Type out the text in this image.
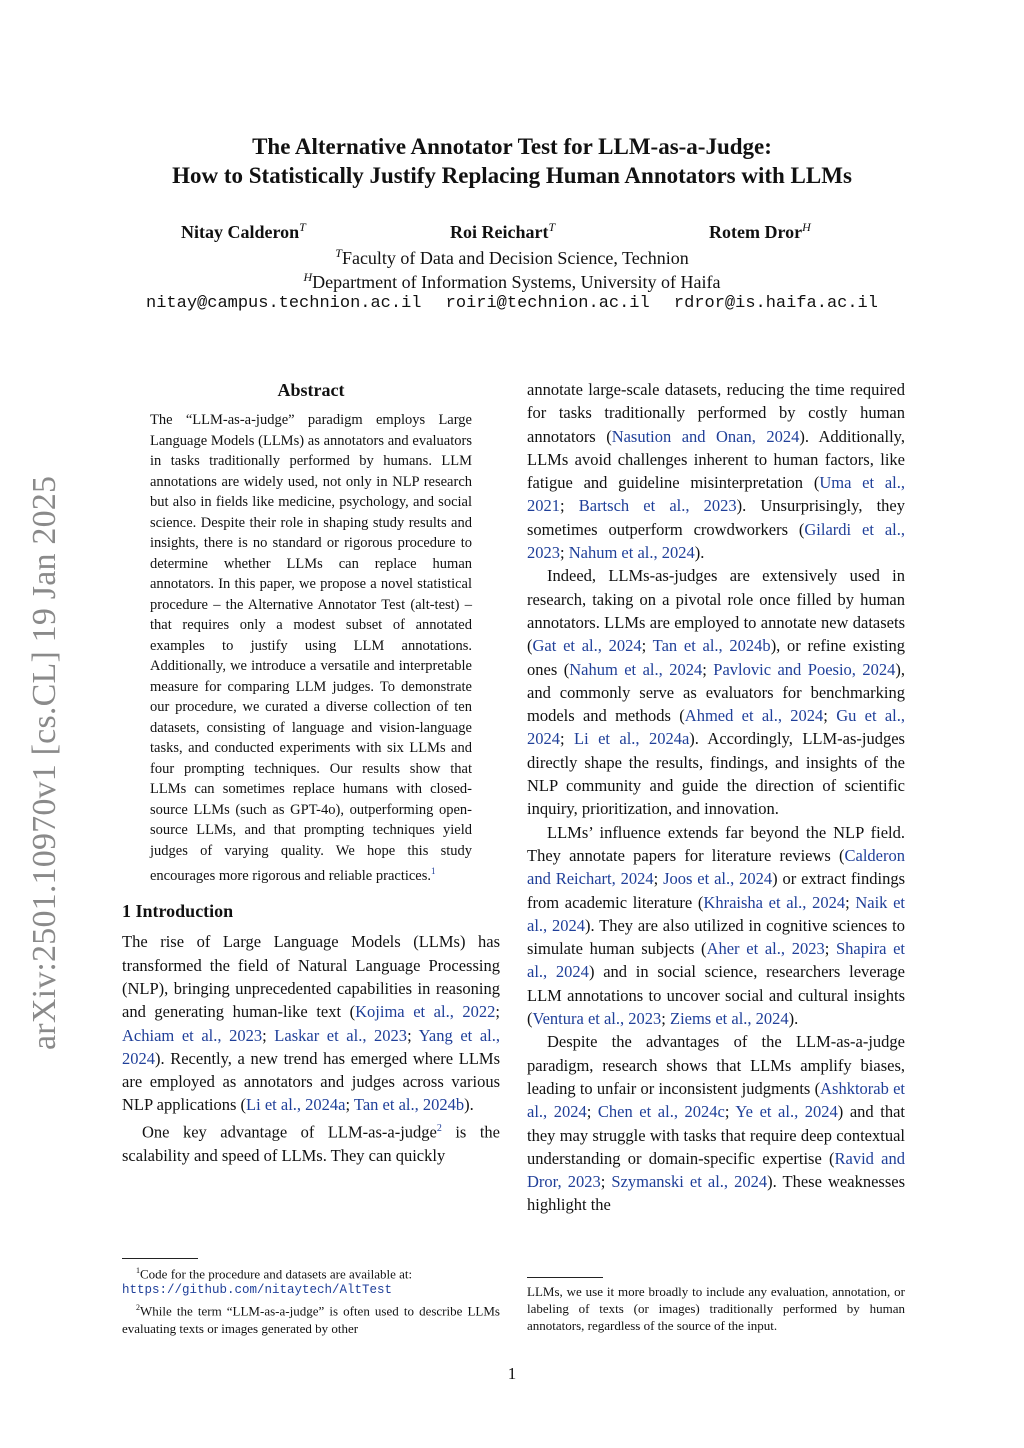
arXiv:2501.10970v1 [cs.CL] 19 Jan 2025
The Alternative Annotator Test for LLM-as-a-Judge:
How to Statistically Justify Replacing Human Annotators with LLMs
Nitay Calderon$^T$	Roi Reichart$^T$	Rotem Dror$^H$
$^T$Faculty of Data and Decision Science, Technion
$^H$Department of Information Systems, University of Haifa
nitay@campus.technion.ac.il roiri@technion.ac.il rdror@is.haifa.ac.il
Abstract
The “LLM-as-a-judge” paradigm employs Large Language Models (LLMs) as annotators and evaluators in tasks traditionally performed by humans. LLM annotations are widely used, not only in NLP research but also in fields like medicine, psychology, and social science. Despite their role in shaping study results and insights, there is no standard or rigorous procedure to determine whether LLMs can replace human annotators. In this paper, we propose a novel statistical procedure – the Alternative Annotator Test (alt-test) – that requires only a modest subset of annotated examples to justify using LLM annotations. Additionally, we introduce a versatile and interpretable measure for comparing LLM judges. To demonstrate our procedure, we curated a diverse collection of ten datasets, consisting of language and vision-language tasks, and conducted experiments with six LLMs and four prompting techniques. Our results show that LLMs can sometimes replace humans with closed-source LLMs (such as GPT-4o), outperforming open-source LLMs, and that prompting techniques yield judges of varying quality. We hope this study encourages more rigorous and reliable practices.$^1$
1 Introduction

The rise of Large Language Models (LLMs) has transformed the field of Natural Language Processing (NLP), bringing unprecedented capabilities in reasoning and generating human-like text (Kojima et al., 2022; Achiam et al., 2023; Laskar et al., 2023; Yang et al., 2024). Recently, a new trend has emerged where LLMs are employed as annotators and judges across various NLP applications (Li et al., 2024a; Tan et al., 2024b).

One key advantage of LLM-as-a-judge$^2$ is the scalability and speed of LLMs. They can quickly

annotate large-scale datasets, reducing the time required for tasks traditionally performed by costly human annotators (Nasution and Onan, 2024). Additionally, LLMs avoid challenges inherent to human factors, like fatigue and guideline misinterpretation (Uma et al., 2021; Bartsch et al., 2023). Unsurprisingly, they sometimes outperform crowdworkers (Gilardi et al., 2023; Nahum et al., 2024).

Indeed, LLMs-as-judges are extensively used in research, taking on a pivotal role once filled by human annotators. LLMs are employed to annotate new datasets (Gat et al., 2024; Tan et al., 2024b), or refine existing ones (Nahum et al., 2024; Pavlovic and Poesio, 2024), and commonly serve as evaluators for benchmarking models and methods (Ahmed et al., 2024; Gu et al., 2024; Li et al., 2024a). Accordingly, LLM-as-judges directly shape the results, findings, and insights of the NLP community and guide the direction of scientific inquiry, prioritization, and innovation.

LLMs’ influence extends far beyond the NLP field. They annotate papers for literature reviews (Calderon and Reichart, 2024; Joos et al., 2024) or extract findings from academic literature (Khraisha et al., 2024; Naik et al., 2024). They are also utilized in cognitive sciences to simulate human subjects (Aher et al., 2023; Shapira et al., 2024) and in social science, researchers leverage LLM annotations to uncover social and cultural insights (Ventura et al., 2023; Ziems et al., 2024).

Despite the advantages of the LLM-as-a-judge paradigm, research shows that LLMs amplify biases, leading to unfair or inconsistent judgments (Ashktorab et al., 2024; Chen et al., 2024c; Ye et al., 2024) and that they may struggle with tasks that require deep contextual understanding or domain-specific expertise (Ravid and Dror, 2023; Szymanski et al., 2024). These weaknesses highlight the

$^1$Code for the procedure and datasets are available at:
https://github.com/nitaytech/AltTest
$^2$While the term “LLM-as-a-judge” is often used to describe LLMs evaluating texts or images generated by other
LLMs, we use it more broadly to include any evaluation, annotation, or labeling of texts (or images) traditionally performed by human annotators, regardless of the source of the input.
1
